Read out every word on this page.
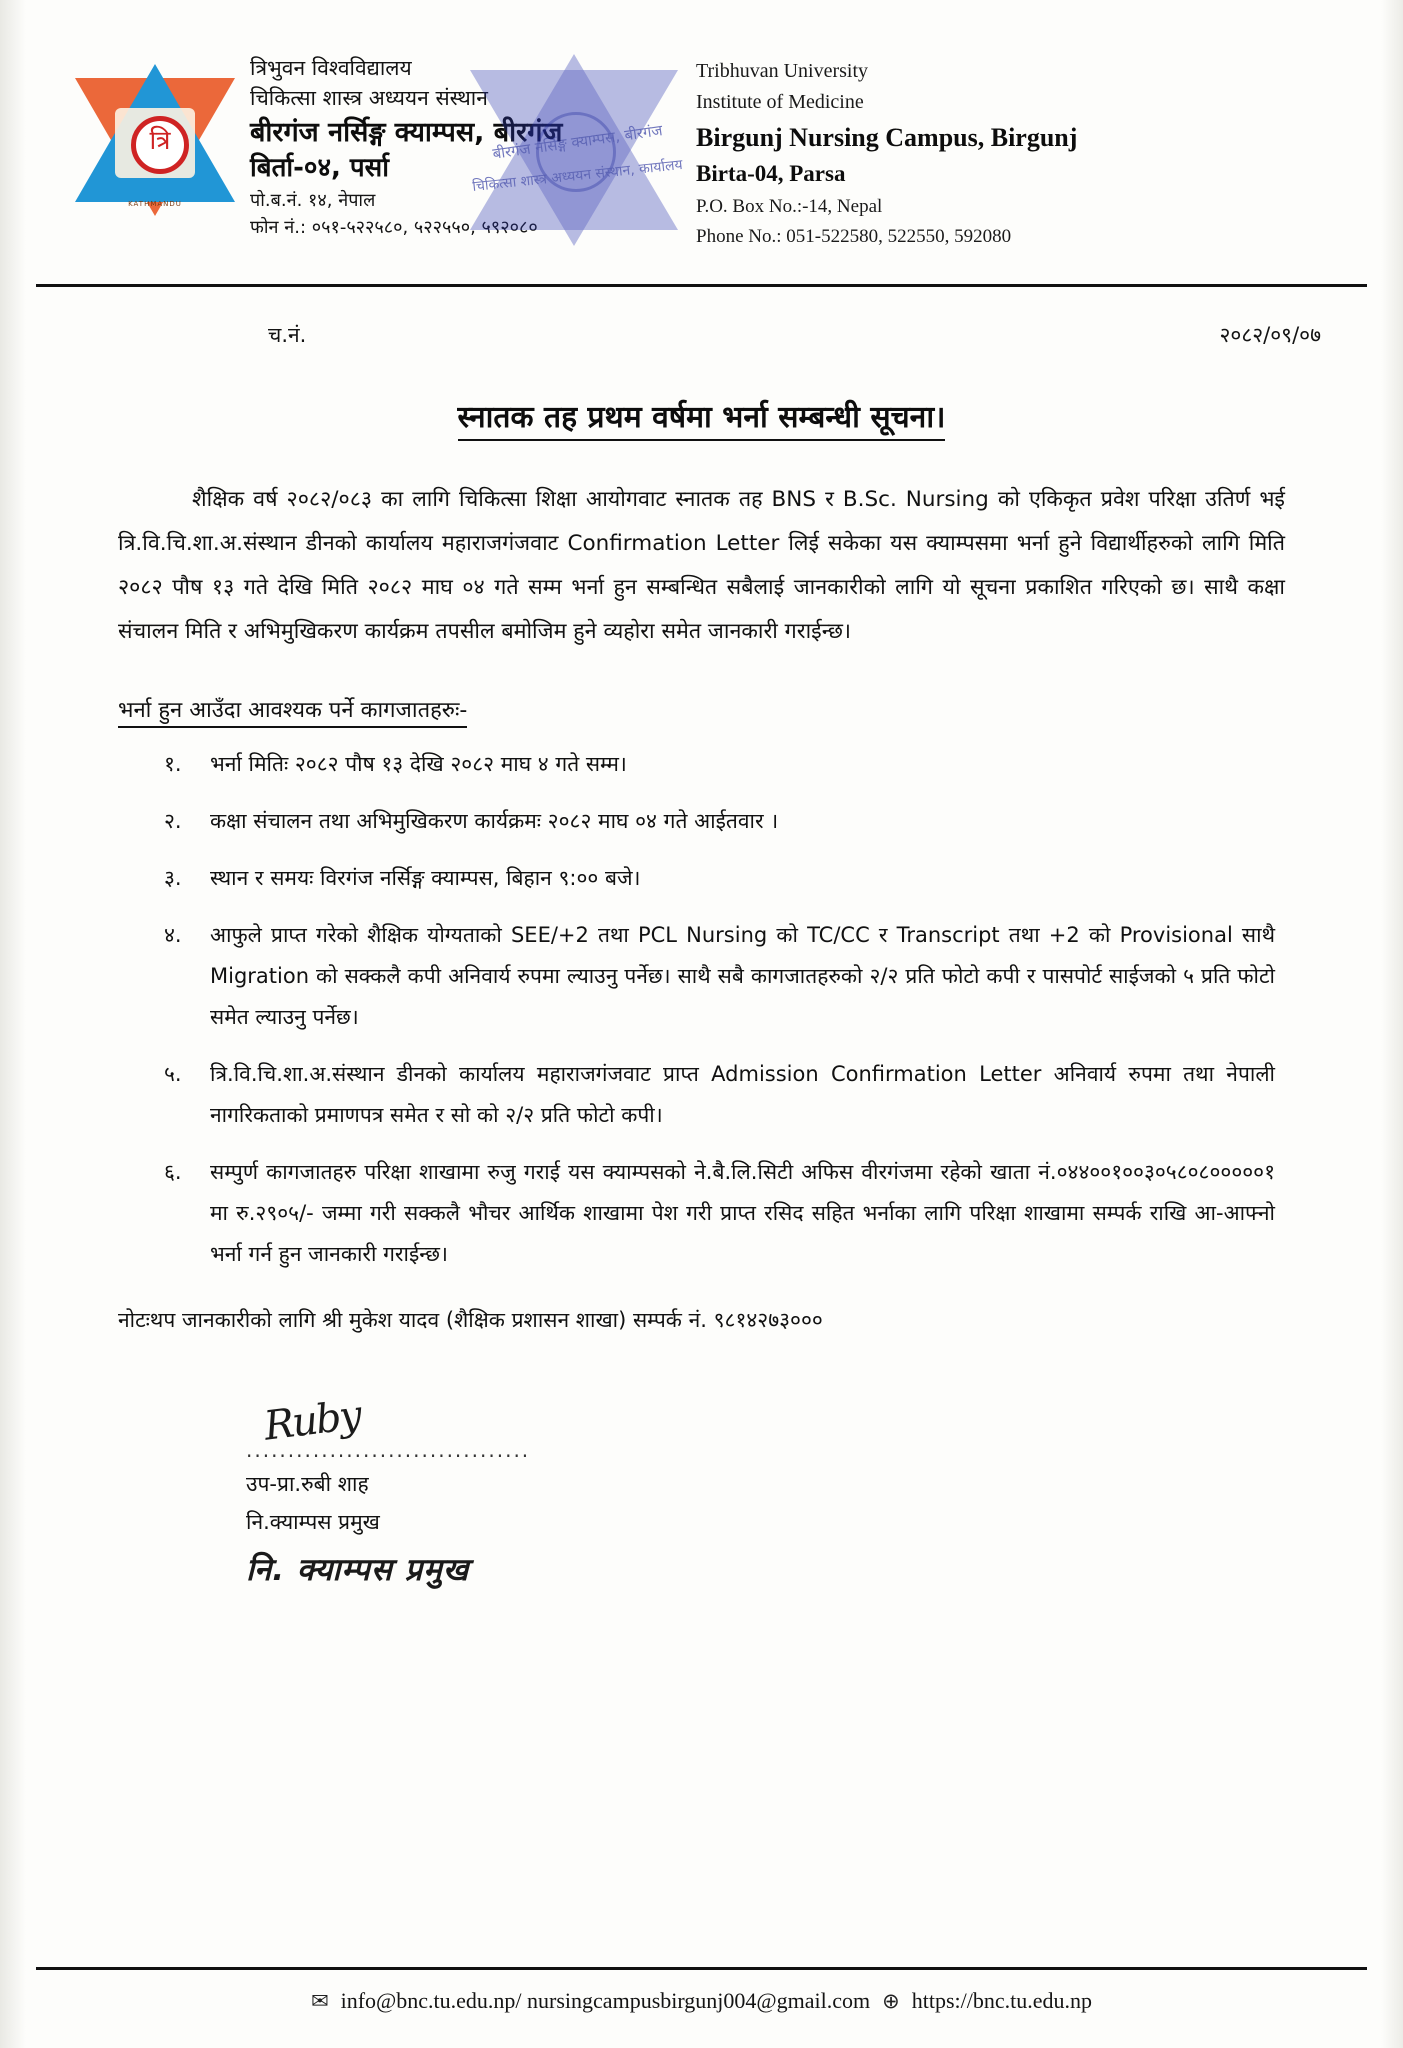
त्रि
KATHMANDU
त्रिभुवन विश्वविद्यालय
चिकित्सा शास्त्र अध्ययन संस्थान
बीरगंज नर्सिङ्ग क्याम्पस, बीरगंज
बिर्ता-०४, पर्सा
पो.ब.नं. १४, नेपाल
फोन नं.: ०५१-५२२५८०, ५२२५५०, ५९२०८०
Tribhuvan University
Institute of Medicine
Birgunj Nursing Campus, Birgunj
Birta-04, Parsa
P.O. Box No.:-14, Nepal
Phone No.: 051-522580, 522550, 592080
बीरगंज नर्सिङ्ग क्याम्पस, बीरगंज
चिकित्सा शास्त्र अध्ययन संस्थान, कार्यालय
च.नं.	२०८२/०९/०७
स्नातक तह प्रथम वर्षमा भर्ना सम्बन्धी सूचना।
शैक्षिक वर्ष २०८२/०८३ का लागि चिकित्सा शिक्षा आयोगवाट स्नातक तह BNS र B.Sc. Nursing को एकिकृत प्रवेश परिक्षा उतिर्ण भई त्रि.वि.चि.शा.अ.संस्थान डीनको कार्यालय महाराजगंजवाट Confirmation Letter लिई सकेका यस क्याम्पसमा भर्ना हुने विद्यार्थीहरुको लागि मिति २०८२ पौष १३ गते देखि मिति २०८२ माघ ०४ गते सम्म भर्ना हुन सम्बन्धित सबैलाई जानकारीको लागि यो सूचना प्रकाशित गरिएको छ। साथै कक्षा संचालन मिति र अभिमुखिकरण कार्यक्रम तपसील बमोजिम हुने व्यहोरा समेत जानकारी गराईन्छ।
भर्ना हुन आउँदा आवश्यक पर्ने कागजातहरुः-
१.	भर्ना मितिः २०८२ पौष १३ देखि २०८२ माघ ४ गते सम्म।
२.	कक्षा संचालन तथा अभिमुखिकरण कार्यक्रमः २०८२ माघ ०४ गते आईतवार ।
३.	स्थान र समयः विरगंज नर्सिङ्ग क्याम्पस, बिहान ९:०० बजे।
४.	आफुले प्राप्त गरेको शैक्षिक योग्यताको SEE/+2 तथा PCL Nursing को TC/CC र Transcript तथा +2 को Provisional साथै Migration को सक्कलै कपी अनिवार्य रुपमा ल्याउनु पर्नेछ। साथै सबै कागजातहरुको २/२ प्रति फोटो कपी र पासपोर्ट साईजको ५ प्रति फोटो समेत ल्याउनु पर्नेछ।
५.	त्रि.वि.चि.शा.अ.संस्थान डीनको कार्यालय महाराजगंजवाट प्राप्त Admission Confirmation Letter अनिवार्य रुपमा तथा नेपाली नागरिकताको प्रमाणपत्र समेत र सो को २/२ प्रति फोटो कपी।
६.	सम्पुर्ण कागजातहरु परिक्षा शाखामा रुजु गराई यस क्याम्पसको ने.बै.लि.सिटी अफिस वीरगंजमा रहेको खाता नं.०४४००१००३०५८०८०००००१ मा रु.२९०५/- जम्मा गरी सक्कलै भौचर आर्थिक शाखामा पेश गरी प्राप्त रसिद सहित भर्नाका लागि परिक्षा शाखामा सम्पर्क राखि आ-आफ्नो भर्ना गर्न हुन जानकारी गराईन्छ।
नोटःथप जानकारीको लागि श्री मुकेश यादव (शैक्षिक प्रशासन शाखा) सम्पर्क नं. ९८१४२७३०००
Ruby
..................................
उप-प्रा.रुबी शाह
नि.क्याम्पस प्रमुख
नि. क्याम्पस प्रमुख
✉ info@bnc.tu.edu.np/ nursingcampusbirgunj004@gmail.com ⊕ https://bnc.tu.edu.np
